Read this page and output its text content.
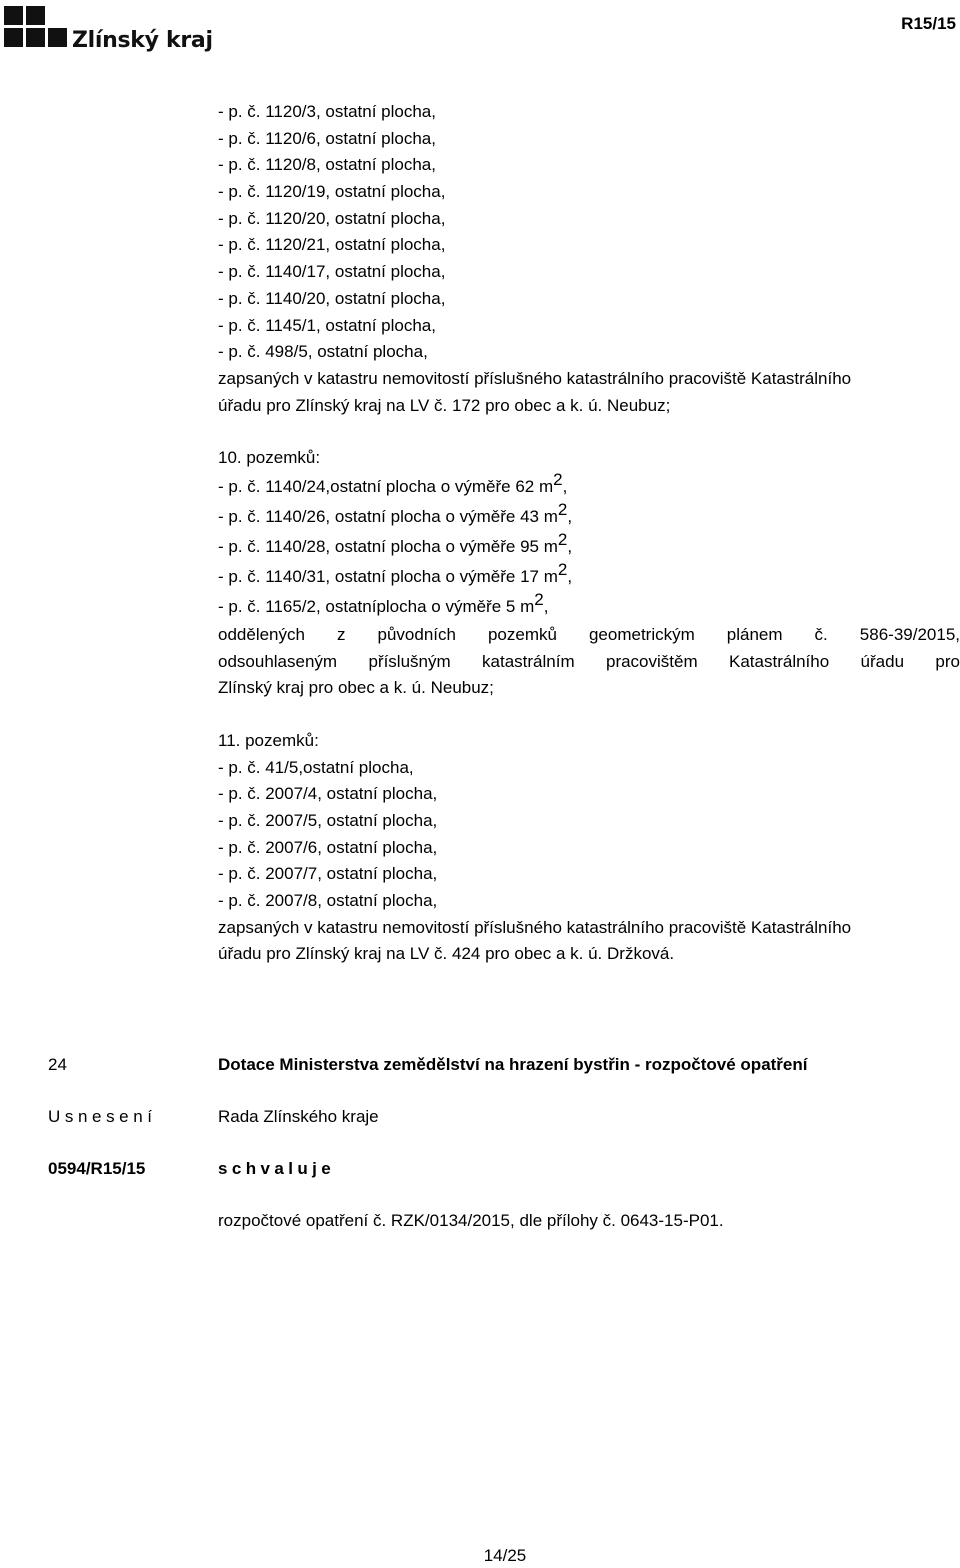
Zlínský kraj
R15/15
- p. č. 1120/3, ostatní plocha,
- p. č. 1120/6, ostatní plocha,
- p. č. 1120/8, ostatní plocha,
- p. č. 1120/19, ostatní plocha,
- p. č. 1120/20, ostatní plocha,
- p. č. 1120/21, ostatní plocha,
- p. č. 1140/17, ostatní plocha,
- p. č. 1140/20, ostatní plocha,
- p. č. 1145/1, ostatní plocha,
- p. č. 498/5, ostatní plocha,
zapsaných v katastru nemovitostí příslušného katastrálního pracoviště Katastrálního
úřadu pro Zlínský kraj na LV č. 172 pro obec a k. ú. Neubuz;
10. pozemků:
- p. č. 1140/24,ostatní plocha o výměře 62 $m^2$,
- p. č. 1140/26, ostatní plocha o výměře 43 $m^2$,
- p. č. 1140/28, ostatní plocha o výměře 95 $m^2$,
- p. č. 1140/31, ostatní plocha o výměře 17 $m^2$,
- p. č. 1165/2, ostatníplocha o výměře 5 $m^2$,
oddělených z původních pozemků geometrickým plánem č. 586-39/2015,
odsouhlaseným příslušným katastrálním pracovištěm Katastrálního úřadu pro
Zlínský kraj pro obec a k. ú. Neubuz;
11. pozemků:
- p. č. 41/5,ostatní plocha,
- p. č. 2007/4, ostatní plocha,
- p. č. 2007/5, ostatní plocha,
- p. č. 2007/6, ostatní plocha,
- p. č. 2007/7, ostatní plocha,
- p. č. 2007/8, ostatní plocha,
zapsaných v katastru nemovitostí příslušného katastrálního pracoviště Katastrálního
úřadu pro Zlínský kraj na LV č. 424 pro obec a k. ú. Držková.
24	Dotace Ministerstva zemědělství na hrazení bystřin - rozpočtové opatření
Usnesení	Rada Zlínského kraje
0594/R15/15	schvaluje
rozpočtové opatření č. RZK/0134/2015, dle přílohy č. 0643-15-P01.
14/25
